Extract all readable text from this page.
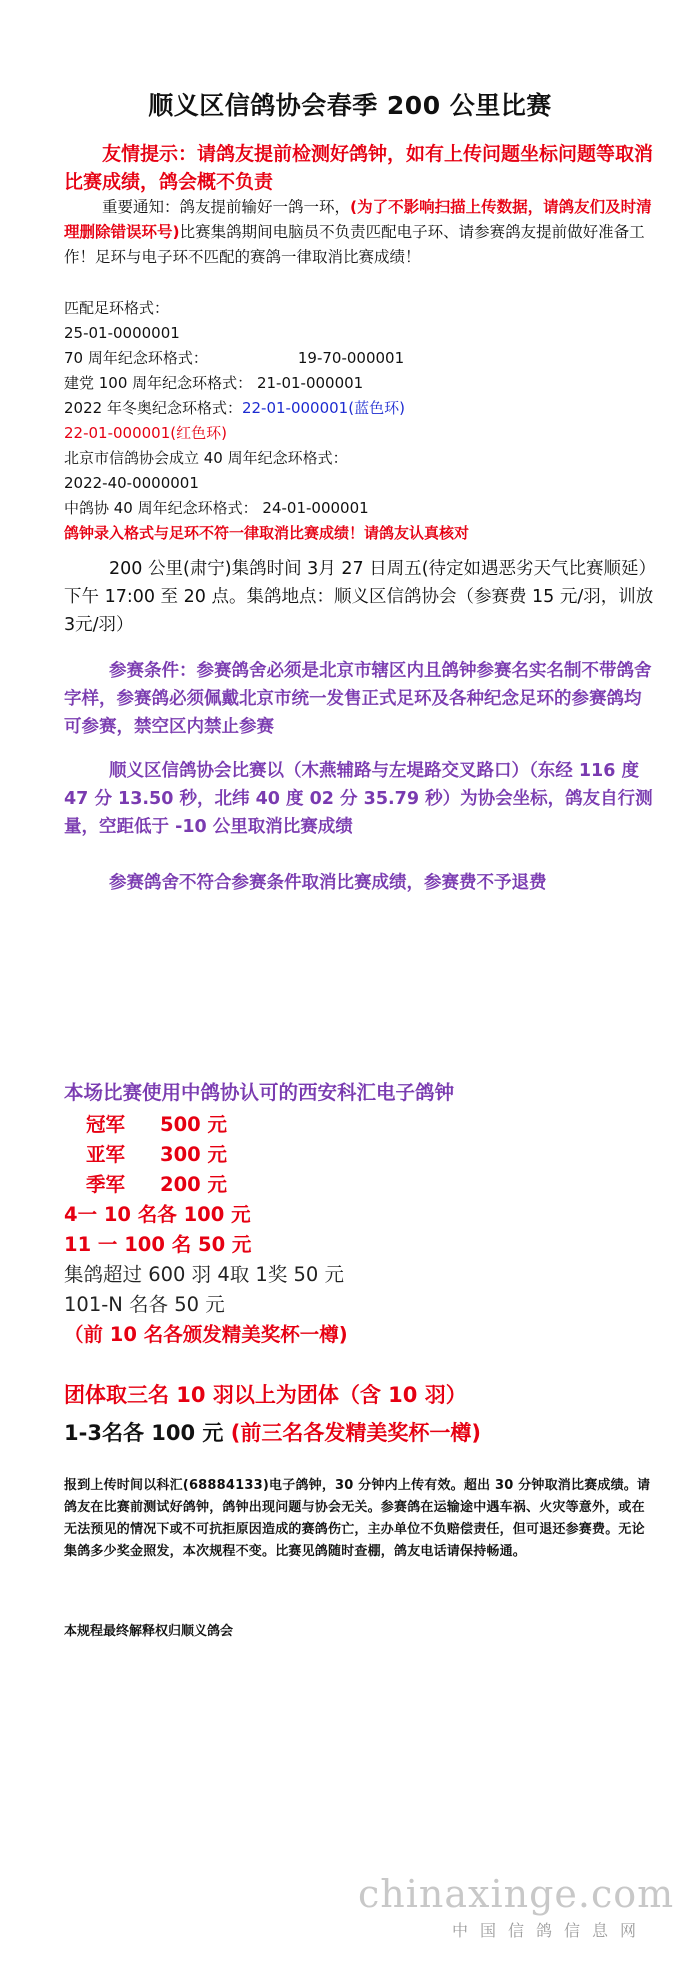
顺义区信鸽协会春季 200 公里比赛
友情提示：请鸽友提前检测好鸽钟，如有上传问题坐标问题等取消比赛成绩，鸽会概不负责
重要通知：鸽友提前输好一鸽一环，(为了不影响扫描上传数据，请鸽友们及时清理删除错误环号)比赛集鸽期间电脑员不负责匹配电子环、请参赛鸽友提前做好准备工作！足环与电子环不匹配的赛鸽一律取消比赛成绩！
匹配足环格式：
25-01-0000001
70 周年纪念环格式：	19-70-000001
建党 100 周年纪念环格式： 21-01-000001
2022 年冬奥纪念环格式：22-01-000001(蓝色环)
22-01-000001(红色环)
北京市信鸽协会成立 40 周年纪念环格式：
2022-40-0000001
中鸽协 40 周年纪念环格式： 24-01-000001
鸽钟录入格式与足环不符一律取消比赛成绩！请鸽友认真核对
200 公里(肃宁)集鸽时间 3月 27 日周五(待定如遇恶劣天气比赛顺延）下午 17:00 至 20 点。集鸽地点：顺义区信鸽协会（参赛费 15 元/羽，训放 3元/羽）
参赛条件：参赛鸽舍必须是北京市辖区内且鸽钟参赛名实名制不带鸽舍字样，参赛鸽必须佩戴北京市统一发售正式足环及各种纪念足环的参赛鸽均可参赛，禁空区内禁止参赛
顺义区信鸽协会比赛以（木燕辅路与左堤路交叉路口）（东经 116 度 47 分 13.50 秒，北纬 40 度 02 分 35.79 秒）为协会坐标，鸽友自行测量，空距低于 -10 公里取消比赛成绩
参赛鸽舍不符合参赛条件取消比赛成绩，参赛费不予退费
本场比赛使用中鸽协认可的西安科汇电子鸽钟
冠军 500 元
亚军 300 元
季军 200 元
4一 10 名各 100 元
11 一 100 名 50 元
集鸽超过 600 羽 4取 1奖 50 元
101-N 名各 50 元
（前 10 名各颁发精美奖杯一樽)
团体取三名 10 羽以上为团体（含 10 羽）
1-3名各 100 元 (前三名各发精美奖杯一樽)
报到上传时间以科汇(68884133)电子鸽钟，30 分钟内上传有效。超出 30 分钟取消比赛成绩。请鸽友在比赛前测试好鸽钟，鸽钟出现问题与协会无关。参赛鸽在运输途中遇车祸、火灾等意外，或在无法预见的情况下或不可抗拒原因造成的赛鸽伤亡，主办单位不负赔偿责任，但可退还参赛费。无论集鸽多少奖金照发，本次规程不变。比赛见鸽随时查棚，鸽友电话请保持畅通。
本规程最终解释权归顺义鸽会
chinaxinge.com
中国信鸽信息网
